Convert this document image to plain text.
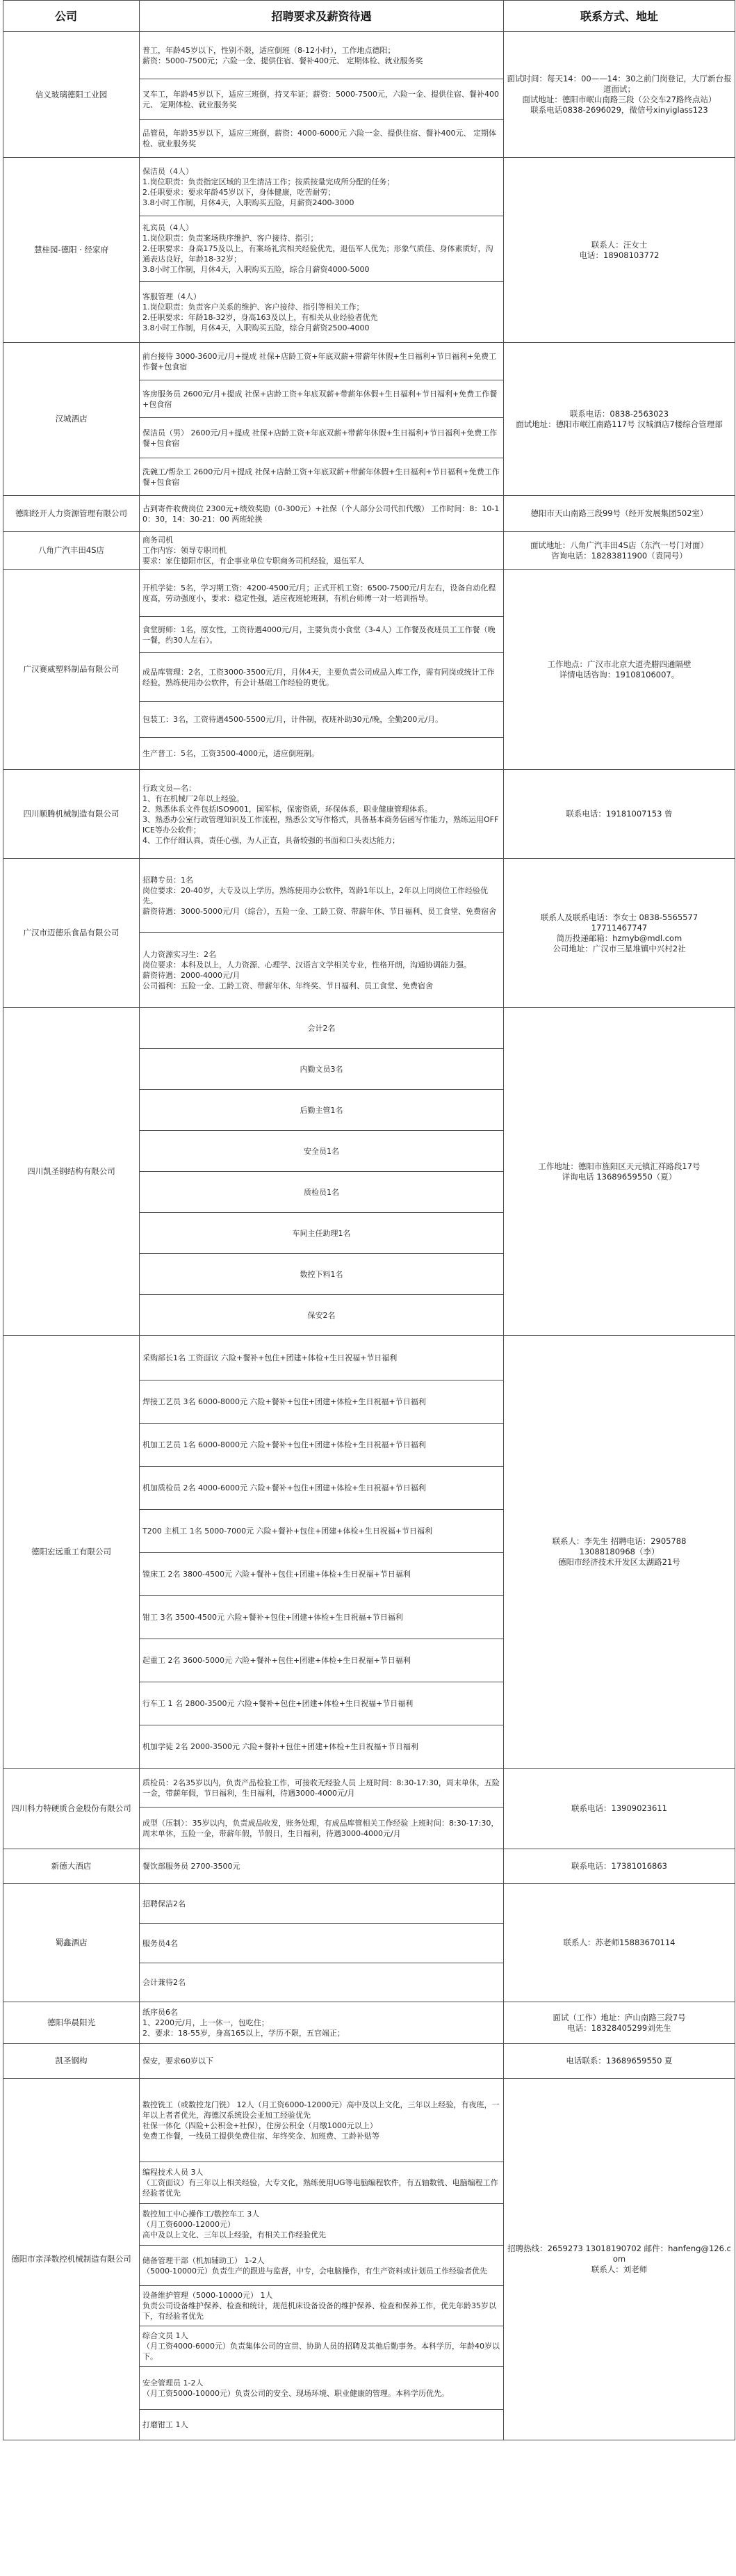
公司	招聘要求及薪资待遇	联系方式、地址
信义玻璃德阳工业园	普工，年龄45岁以下，性别不限，适应倒班（8-12小时），工作地点德阳；
薪资：5000-7500元；六险一金、提供住宿、餐补400元、 定期体检、就业服务奖	面试时间：每天14：00——14：30之前门岗登记，大厅新台报道面试；
面试地址：德阳市岷山南路三段（公交车27路终点站）
联系电话0838-2696029，微信号xinyiglass123

	叉车工，年龄45岁以下，适应三班倒，持叉车证；薪资：5000-7500元，六险一金、提供住宿、餐补400元、 定期体检、就业服务奖	

	品管员，年龄35岁以下，适应三班倒，薪资：4000-6000元 六险一金、提供住宿、餐补400元、 定期体检、就业服务奖	

慧桂园-德阳 · 经家府	保洁员（4人）
1.岗位职责：负责指定区域的卫生清洁工作；按质按量完成所分配的任务；
2.任职要求：要求年龄45岁以下，身体健康，吃苦耐劳；
3.8小时工作制，月休4天，入职购买五险，月薪资2400-3000	联系人：汪女士
电话：18908103772

	礼宾员（4人）
1.岗位职责：负责案场秩序维护、客户接待、指引；
2.任职要求：身高175及以上，有案场礼宾相关经验优先，退伍军人优先；形象气质佳、身体素质好，沟通表达良好，年龄18-32岁；
3.8小时工作制，月休4天，入职购买五险，综合月薪资4000-5000	

	客服管理（4人）
1.岗位职责：负责客户关系的维护、客户接待、指引等相关工作；
2.任职要求：年龄18-32岁，身高163及以上，有相关从业经验者优先
3.8小时工作制，月休4天，入职购买五险，综合月薪资2500-4000	

汉城酒店	前台接待 3000-3600元/月+提成 社保+店龄工资+年底双薪+带薪年休假+生日福利+节日福利+免费工作餐+包食宿	联系电话：0838-2563023
面试地址：德阳市岷江南路117号 汉城酒店7楼综合管理部

	客房服务员 2600元/月+提成 社保+店龄工资+年底双薪+带薪年休假+生日福利+节日福利+免费工作餐+包食宿	

	保洁员（男） 2600元/月+提成 社保+店龄工资+年底双薪+带薪年休假+生日福利+节日福利+免费工作餐+包食宿	

	洗碗工/帮杂工 2600元/月+提成 社保+店龄工资+年底双薪+带薪年休假+生日福利+节日福利+免费工作餐+包食宿	

德阳经开人力资源管理有限公司	占到寄件收费岗位 2300元+绩效奖励（0-300元）+社保（个人部分公司代扣代缴） 工作时间：8：10-10：30，14：30-21：00 两班轮换	德阳市天山南路三段99号（经开发展集团502室）

八角广汽丰田4S店	商务司机
工作内容：领导专职司机
要求：家住德阳市区，有企事业单位专职商务司机经验，退伍军人	面试地址：八角广汽丰田4S店（东汽一号门对面）
咨询电话：18283811900（袁同号）

广汉赛威塑料制品有限公司	开机学徒：5名，学习期工资：4200-4500元/月；正式开机工资：6500-7500元/月左右，设备自动化程度高，劳动强度小，要求：稳定性强，适应夜班轮班制，有机台师傅一对一培训指导。	工作地点：广汉市北京大道壳腊四通隔壁
详情电话咨询：19108106007。

	食堂厨师：1名，原女性，工资待遇4000元/月，主要负责小食堂（3-4人）工作餐及夜班员工工作餐（晚一餐，约30人左右）。	

	成品库管理：2名，工资3000-3500元/月，月休4天，主要负责公司成品入库工作，需有同岗或统计工作经验，熟练使用办公软件，有会计基础工作经验的更优。	

	包装工：3名，工资待遇4500-5500元/月，计件制，夜班补助30元/晚，全勤200元/月。	

	生产普工：5名，工资3500-4000元，适应倒班制。	

四川顺腾机械制造有限公司	行政文员—名：
1、有在机械厂2年以上经验。
2、熟悉体系文件包括ISO9001，国军标，保密资质，环保体系，职业健康管理体系。
3、熟悉办公室行政管理知识及工作流程，熟悉公文写作格式，具备基本商务信函写作能力，熟练运用OFFICE等办公软件；
4、工作仔细认真，责任心强，为人正直，具备较强的书面和口头表达能力；	联系电话：19181007153 曾

广汉市迈德乐食品有限公司	招聘专员：1名
岗位要求：20-40岁，大专及以上学历，熟练使用办公软件，驾龄1年以上，2年以上同岗位工作经验优先。
薪资待遇：3000-5000元/月（综合），五险一金、工龄工资、带薪年休、节日福利、员工食堂、免费宿舍	联系人及联系电话：李女士 0838-5565577
17711467747
简历投递邮箱：hzmyb@mdl.com
公司地址：广汉市三星堆镇中兴村2社

	人力资源实习生：2名
岗位要求：本科及以上，人力资源、心理学、汉语言文学相关专业，性格开朗，沟通协调能力强。
薪资待遇：2000-4000元/月
公司福利：五险一金、工龄工资、带薪年休、年终奖、节日福利、员工食堂、免费宿舍	

四川凯圣钢结构有限公司	会计2名	工作地址：德阳市旌阳区天元镇汇祥路段17号
详询电话 13689659550（夏）

	内勤文员3名	

	后勤主管1名	

	安全员1名	

	质检员1名	

	车间主任助理1名	

	数控下料1名	

	保安2名	

德阳宏远重工有限公司	采购部长1名 工资面议 六险+餐补+包住+团建+体检+生日祝福+节日福利	联系人：李先生 招聘电话：2905788
13088180968（李）
德阳市经济技术开发区太湖路21号

	焊接工艺员 3名 6000-8000元 六险+餐补+包住+团建+体检+生日祝福+节日福利	

	机加工艺员 1名 6000-8000元 六险+餐补+包住+团建+体检+生日祝福+节日福利	

	机加质检员 2名 4000-6000元 六险+餐补+包住+团建+体检+生日祝福+节日福利	

	T200 主机工 1名 5000-7000元 六险+餐补+包住+团建+体检+生日祝福+节日福利	

	镗床工 2名 3800-4500元 六险+餐补+包住+团建+体检+生日祝福+节日福利	

	钳工 3名 3500-4500元 六险+餐补+包住+团建+体检+生日祝福+节日福利	

	起重工 2名 3600-5000元 六险+餐补+包住+团建+体检+生日祝福+节日福利	

	行车工 1 名 2800-3500元 六险+餐补+包住+团建+体检+生日祝福+节日福利	

	机加学徒 2名 2000-3500元 六险+餐补+包住+团建+体检+生日祝福+节日福利	

四川科力特硬质合金股份有限公司	质检员：2名35岁以内，负责产品检验工作，可接收无经验人员 上班时间：8:30-17:30，周末单休，五险一金，带薪年假，节日福利，生日福利，待遇3000-4000元/月	联系电话：13909023611

	成型（压制）：35岁以内，负责成品收发，账务处理，有成品库管相关工作经验 上班时间：8:30-17:30，周末单休，五险一金，带薪年假，节假日，生日福利，待遇3000-4000元/月	

新德大酒店	餐饮部服务员 2700-3500元	联系电话：17381016863

蜀鑫酒店	招聘保洁2名	联系人：苏老师15883670114

	服务员4名	

	会计兼待2名	

德阳华晨阳光	纸序员6名
1、2200元/月，上一休一，包吃住；
2、要求：18-55岁，身高165以上，学历不限，五官端正；	面试（工作）地址：庐山南路三段7号
电话：18328405299刘先生

凯圣钢构	保安，要求60岁以下	电话联系：13689659550 夏

德阳市亲泽数控机械制造有限公司	数控铣工（或数控龙门铣） 12人（月工资6000-12000元）高中及以上文化，三年以上经验，有夜班，一年以上者者优先，海德汉系统设会亚加工经验优先
社保一体化（四险+公积金+社保），住房公积金（月缴1000元以上）
免费工作餐，一线员工提供免费住宿、年终奖金、加班费、工龄补贴等	招聘热线：2659273 13018190702 邮件：hanfeng@126.com
联系人：刘老师

	编程技术人员 3人
（工资面议）有三年以上相关经验，大专文化，熟练使用UG等电脑编程软件，有五轴数铣、电脑编程工作经验者优先	

	数控加工中心操作工/数控车工 3人
（月工资6000-12000元）
高中及以上文化、三年以上经验，有相关工作经验优先	

	储备管理干部（机加辅助工） 1-2人
（5000-10000元）负责生产的跟进与监督，中专，会电脑操作，有生产资料或计划员工作经验者优先	

	设备维护管理（5000-10000元） 1人
负责公司设备维护保养、检查和统计，规范机床设备设备的维护保养、检查和保养工作，优先年龄35岁以下，有经验者优先	

	综合文员 1人
（月工资4000-6000元）负责集体公司的宣贯、协助人员的招聘及其他后勤事务。本科学历，年龄40岁以下。	

	安全管理员 1-2人
（月工资5000-10000元）负责公司的安全、现场环境、职业健康的管理。本科学历优先。	

	打磨钳工 1人	
